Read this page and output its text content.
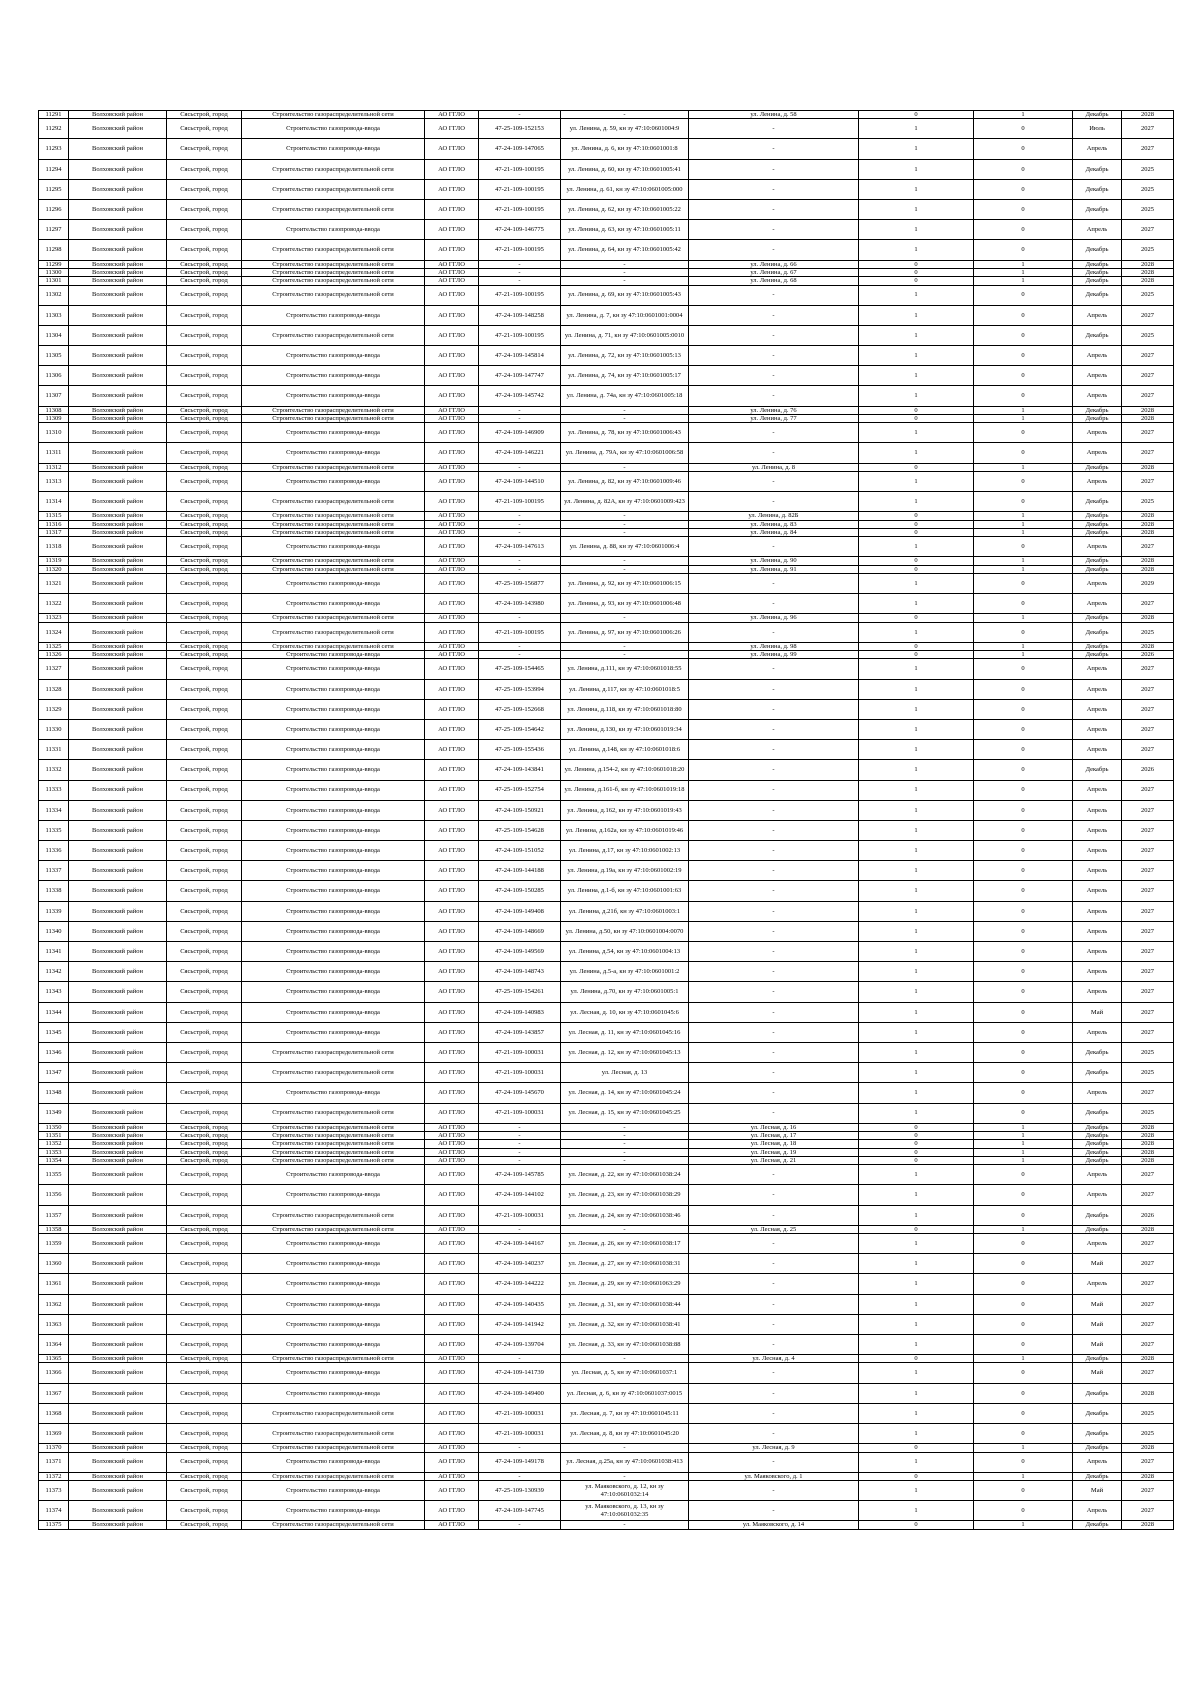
11291	Волховский район	Сясьстрой, город	Строительство газораспределительной сети	АО ГГЛО	-	-	ул. Ленина, д. 58	0	1	Декабрь	2028
11292	Волховский район	Сясьстрой, город	Строительство газопровода-ввода	АО ГГЛО	47-25-109-152153	ул. Ленина, д. 59, кн зу 47:10:0601004:9	-	1	0	Июль	2027
11293	Волховский район	Сясьстрой, город	Строительство газопровода-ввода	АО ГГЛО	47-24-109-147065	ул. Ленина, д. 6, кн зу 47:10:0601001:8	-	1	0	Апрель	2027
11294	Волховский район	Сясьстрой, город	Строительство газораспределительной сети	АО ГГЛО	47-21-109-100195	ул. Ленина, д. 60, кн зу 47:10:0601005:41	-	1	0	Декабрь	2025
11295	Волховский район	Сясьстрой, город	Строительство газораспределительной сети	АО ГГЛО	47-21-109-100195	ул. Ленина, д. 61, кн зу 47:10:0601005:000	-	1	0	Декабрь	2025
11296	Волховский район	Сясьстрой, город	Строительство газораспределительной сети	АО ГГЛО	47-21-109-100195	ул. Ленина, д. 62, кн зу 47:10:0601005:22	-	1	0	Декабрь	2025
11297	Волховский район	Сясьстрой, город	Строительство газопровода-ввода	АО ГГЛО	47-24-109-146775	ул. Ленина, д. 63, кн зу 47:10:0601005:11	-	1	0	Апрель	2027
11298	Волховский район	Сясьстрой, город	Строительство газораспределительной сети	АО ГГЛО	47-21-109-100195	ул. Ленина, д. 64, кн зу 47:10:0601005:42	-	1	0	Декабрь	2025
11299	Волховский район	Сясьстрой, город	Строительство газораспределительной сети	АО ГГЛО	-	-	ул. Ленина, д. 66	0	1	Декабрь	2028
11300	Волховский район	Сясьстрой, город	Строительство газораспределительной сети	АО ГГЛО	-	-	ул. Ленина, д. 67	0	1	Декабрь	2028
11301	Волховский район	Сясьстрой, город	Строительство газораспределительной сети	АО ГГЛО	-	-	ул. Ленина, д. 68	0	1	Декабрь	2028
11302	Волховский район	Сясьстрой, город	Строительство газораспределительной сети	АО ГГЛО	47-21-109-100195	ул. Ленина, д. 69, кн зу 47:10:0601005:43	-	1	0	Декабрь	2025
11303	Волховский район	Сясьстрой, город	Строительство газопровода-ввода	АО ГГЛО	47-24-109-148258	ул. Ленина, д. 7, кн зу 47:10:0601001:0004	-	1	0	Апрель	2027
11304	Волховский район	Сясьстрой, город	Строительство газораспределительной сети	АО ГГЛО	47-21-109-100195	ул. Ленина, д. 71, кн зу 47:10:0601005:0010	-	1	0	Декабрь	2025
11305	Волховский район	Сясьстрой, город	Строительство газопровода-ввода	АО ГГЛО	47-24-109-145814	ул. Ленина, д. 72, кн зу 47:10:0601005:13	-	1	0	Апрель	2027
11306	Волховский район	Сясьстрой, город	Строительство газопровода-ввода	АО ГГЛО	47-24-109-147747	ул. Ленина, д. 74, кн зу 47:10:0601005:17	-	1	0	Апрель	2027
11307	Волховский район	Сясьстрой, город	Строительство газопровода-ввода	АО ГГЛО	47-24-109-145742	ул. Ленина, д. 74а, кн зу 47:10:0601005:18	-	1	0	Апрель	2027
11308	Волховский район	Сясьстрой, город	Строительство газораспределительной сети	АО ГГЛО	-	-	ул. Ленина, д. 76	0	1	Декабрь	2028
11309	Волховский район	Сясьстрой, город	Строительство газораспределительной сети	АО ГГЛО	-	-	ул. Ленина, д. 77	0	1	Декабрь	2028
11310	Волховский район	Сясьстрой, город	Строительство газопровода-ввода	АО ГГЛО	47-24-109-146909	ул. Ленина, д. 78, кн зу 47:10:0601006:43	-	1	0	Апрель	2027
11311	Волховский район	Сясьстрой, город	Строительство газопровода-ввода	АО ГГЛО	47-24-109-146221	ул. Ленина, д. 79А, кн зу 47:10:0601006:58	-	1	0	Апрель	2027
11312	Волховский район	Сясьстрой, город	Строительство газораспределительной сети	АО ГГЛО	-	-	ул. Ленина, д. 8	0	1	Декабрь	2028
11313	Волховский район	Сясьстрой, город	Строительство газопровода-ввода	АО ГГЛО	47-24-109-144510	ул. Ленина, д. 82, кн зу 47:10:0601009:46	-	1	0	Апрель	2027
11314	Волховский район	Сясьстрой, город	Строительство газораспределительной сети	АО ГГЛО	47-21-109-100195	ул. Ленина, д. 82А, кн зу 47:10:0601009:423	-	1	0	Декабрь	2025
11315	Волховский район	Сясьстрой, город	Строительство газораспределительной сети	АО ГГЛО	-	-	ул. Ленина, д. 82Б	0	1	Декабрь	2028
11316	Волховский район	Сясьстрой, город	Строительство газораспределительной сети	АО ГГЛО	-	-	ул. Ленина, д. 83	0	1	Декабрь	2028
11317	Волховский район	Сясьстрой, город	Строительство газораспределительной сети	АО ГГЛО	-	-	ул. Ленина, д. 84	0	1	Декабрь	2028
11318	Волховский район	Сясьстрой, город	Строительство газопровода-ввода	АО ГГЛО	47-24-109-147613	ул. Ленина, д. 88, кн зу 47:10:0601006:4	-	1	0	Апрель	2027
11319	Волховский район	Сясьстрой, город	Строительство газораспределительной сети	АО ГГЛО	-	-	ул. Ленина, д. 90	0	1	Декабрь	2028
11320	Волховский район	Сясьстрой, город	Строительство газораспределительной сети	АО ГГЛО	-	-	ул. Ленина, д. 91	0	1	Декабрь	2028
11321	Волховский район	Сясьстрой, город	Строительство газопровода-ввода	АО ГГЛО	47-25-109-156877	ул. Ленина, д. 92, кн зу 47:10:0601006:15	-	1	0	Апрель	2029
11322	Волховский район	Сясьстрой, город	Строительство газопровода-ввода	АО ГГЛО	47-24-109-143980	ул. Ленина, д. 93, кн зу 47:10:0601006:48	-	1	0	Апрель	2027
11323	Волховский район	Сясьстрой, город	Строительство газораспределительной сети	АО ГГЛО	-	-	ул. Ленина, д. 96	0	1	Декабрь	2028
11324	Волховский район	Сясьстрой, город	Строительство газораспределительной сети	АО ГГЛО	47-21-109-100195	ул. Ленина, д. 97, кн зу 47:10:0601006:26	-	1	0	Декабрь	2025
11325	Волховский район	Сясьстрой, город	Строительство газораспределительной сети	АО ГГЛО	-	-	ул. Ленина, д. 98	0	1	Декабрь	2028
11326	Волховский район	Сясьстрой, город	Строительство газопровода-ввода	АО ГГЛО	-	-	ул. Ленина, д. 99	0	1	Декабрь	2026
11327	Волховский район	Сясьстрой, город	Строительство газопровода-ввода	АО ГГЛО	47-25-109-154465	ул. Ленина, д.111, кн зу 47:10:0601018:55	-	1	0	Апрель	2027
11328	Волховский район	Сясьстрой, город	Строительство газопровода-ввода	АО ГГЛО	47-25-109-153994	ул. Ленина, д.117, кн зу 47:10:0601018:5	-	1	0	Апрель	2027
11329	Волховский район	Сясьстрой, город	Строительство газопровода-ввода	АО ГГЛО	47-25-109-152668	ул. Ленина, д.118, кн зу 47:10:0601018:80	-	1	0	Апрель	2027
11330	Волховский район	Сясьстрой, город	Строительство газопровода-ввода	АО ГГЛО	47-25-109-154642	ул. Ленина, д.130, кн зу 47:10:0601019:34	-	1	0	Апрель	2027
11331	Волховский район	Сясьстрой, город	Строительство газопровода-ввода	АО ГГЛО	47-25-109-155436	ул. Ленина, д.148, кн зу 47:10:0601018:6	-	1	0	Апрель	2027
11332	Волховский район	Сясьстрой, город	Строительство газопровода-ввода	АО ГГЛО	47-24-109-143841	ул. Ленина, д.154-2, кн зу 47:10:0601018:20	-	1	0	Декабрь	2026
11333	Волховский район	Сясьстрой, город	Строительство газопровода-ввода	АО ГГЛО	47-25-109-152754	ул. Ленина, д.161-б, кн зу 47:10:0601019:18	-	1	0	Апрель	2027
11334	Волховский район	Сясьстрой, город	Строительство газопровода-ввода	АО ГГЛО	47-24-109-150921	ул. Ленина, д.162, кн зу 47:10:0601019:43	-	1	0	Апрель	2027
11335	Волховский район	Сясьстрой, город	Строительство газопровода-ввода	АО ГГЛО	47-25-109-154628	ул. Ленина, д.162а, кн зу 47:10:0601019:46	-	1	0	Апрель	2027
11336	Волховский район	Сясьстрой, город	Строительство газопровода-ввода	АО ГГЛО	47-24-109-151052	ул. Ленина, д.17, кн зу 47:10:0601002:13	-	1	0	Апрель	2027
11337	Волховский район	Сясьстрой, город	Строительство газопровода-ввода	АО ГГЛО	47-24-109-144188	ул. Ленина, д.19а, кн зу 47:10:0601002:19	-	1	0	Апрель	2027
11338	Волховский район	Сясьстрой, город	Строительство газопровода-ввода	АО ГГЛО	47-24-109-150285	ул. Ленина, д.1-б, кн зу 47:10:0601001:63	-	1	0	Апрель	2027
11339	Волховский район	Сясьстрой, город	Строительство газопровода-ввода	АО ГГЛО	47-24-109-149408	ул. Ленина, д.21б, кн зу 47:10:0601003:1	-	1	0	Апрель	2027
11340	Волховский район	Сясьстрой, город	Строительство газопровода-ввода	АО ГГЛО	47-24-109-148669	ул. Ленина, д.50, кн зу 47:10:0601004:0070	-	1	0	Апрель	2027
11341	Волховский район	Сясьстрой, город	Строительство газопровода-ввода	АО ГГЛО	47-24-109-149569	ул. Ленина, д.54, кн зу 47:10:0601004:13	-	1	0	Апрель	2027
11342	Волховский район	Сясьстрой, город	Строительство газопровода-ввода	АО ГГЛО	47-24-109-148743	ул. Ленина, д.5-а, кн зу 47:10:0601001:2	-	1	0	Апрель	2027
11343	Волховский район	Сясьстрой, город	Строительство газопровода-ввода	АО ГГЛО	47-25-109-154261	ул. Ленина, д.70, кн зу 47:10:0601005:1	-	1	0	Апрель	2027
11344	Волховский район	Сясьстрой, город	Строительство газопровода-ввода	АО ГГЛО	47-24-109-140983	ул. Лесная, д. 10, кн зу 47:10:0601045:6	-	1	0	Май	2027
11345	Волховский район	Сясьстрой, город	Строительство газопровода-ввода	АО ГГЛО	47-24-109-143857	ул. Лесная, д. 11, кн зу 47:10:0601045:16	-	1	0	Апрель	2027
11346	Волховский район	Сясьстрой, город	Строительство газораспределительной сети	АО ГГЛО	47-21-109-100031	ул. Лесная, д. 12, кн зу 47:10:0601045:13	-	1	0	Декабрь	2025
11347	Волховский район	Сясьстрой, город	Строительство газораспределительной сети	АО ГГЛО	47-21-109-100031	ул. Лесная, д. 13	-	1	0	Декабрь	2025
11348	Волховский район	Сясьстрой, город	Строительство газопровода-ввода	АО ГГЛО	47-24-109-145670	ул. Лесная, д. 14, кн зу 47:10:0601045:24	-	1	0	Апрель	2027
11349	Волховский район	Сясьстрой, город	Строительство газораспределительной сети	АО ГГЛО	47-21-109-100031	ул. Лесная, д. 15, кн зу 47:10:0601045:25	-	1	0	Декабрь	2025
11350	Волховский район	Сясьстрой, город	Строительство газораспределительной сети	АО ГГЛО	-	-	ул. Лесная, д. 16	0	1	Декабрь	2028
11351	Волховский район	Сясьстрой, город	Строительство газораспределительной сети	АО ГГЛО	-	-	ул. Лесная, д. 17	0	1	Декабрь	2028
11352	Волховский район	Сясьстрой, город	Строительство газораспределительной сети	АО ГГЛО	-	-	ул. Лесная, д. 18	0	1	Декабрь	2028
11353	Волховский район	Сясьстрой, город	Строительство газораспределительной сети	АО ГГЛО	-	-	ул. Лесная, д. 19	0	1	Декабрь	2028
11354	Волховский район	Сясьстрой, город	Строительство газораспределительной сети	АО ГГЛО	-	-	ул. Лесная, д. 21	0	1	Декабрь	2028
11355	Волховский район	Сясьстрой, город	Строительство газопровода-ввода	АО ГГЛО	47-24-109-145785	ул. Лесная, д. 22, кн зу 47:10:0601038:24	-	1	0	Апрель	2027
11356	Волховский район	Сясьстрой, город	Строительство газопровода-ввода	АО ГГЛО	47-24-109-144102	ул. Лесная, д. 23, кн зу 47:10:0601038:29	-	1	0	Апрель	2027
11357	Волховский район	Сясьстрой, город	Строительство газораспределительной сети	АО ГГЛО	47-21-109-100031	ул. Лесная, д. 24, кн зу 47:10:0601038:46	-	1	0	Декабрь	2026
11358	Волховский район	Сясьстрой, город	Строительство газораспределительной сети	АО ГГЛО	-	-	ул. Лесная, д. 25	0	1	Декабрь	2028
11359	Волховский район	Сясьстрой, город	Строительство газопровода-ввода	АО ГГЛО	47-24-109-144167	ул. Лесная, д. 26, кн зу 47:10:0601038:17	-	1	0	Апрель	2027
11360	Волховский район	Сясьстрой, город	Строительство газопровода-ввода	АО ГГЛО	47-24-109-140237	ул. Лесная, д. 27, кн зу 47:10:0601038:31	-	1	0	Май	2027
11361	Волховский район	Сясьстрой, город	Строительство газопровода-ввода	АО ГГЛО	47-24-109-144222	ул. Лесная, д. 29, кн зу 47:10:0601063:29	-	1	0	Апрель	2027
11362	Волховский район	Сясьстрой, город	Строительство газопровода-ввода	АО ГГЛО	47-24-109-140435	ул. Лесная, д. 31, кн зу 47:10:0601038:44	-	1	0	Май	2027
11363	Волховский район	Сясьстрой, город	Строительство газопровода-ввода	АО ГГЛО	47-24-109-141942	ул. Лесная, д. 32, кн зу 47:10:0601038:41	-	1	0	Май	2027
11364	Волховский район	Сясьстрой, город	Строительство газопровода-ввода	АО ГГЛО	47-24-109-139704	ул. Лесная, д. 33, кн зу 47:10:0601038:88	-	1	0	Май	2027
11365	Волховский район	Сясьстрой, город	Строительство газораспределительной сети	АО ГГЛО	-	-	ул. Лесная, д. 4	0	1	Декабрь	2028
11366	Волховский район	Сясьстрой, город	Строительство газопровода-ввода	АО ГГЛО	47-24-109-141739	ул. Лесная, д. 5, кн зу 47:10:0601037:1	-	1	0	Май	2027
11367	Волховский район	Сясьстрой, город	Строительство газопровода-ввода	АО ГГЛО	47-24-109-149400	ул. Лесная, д. 6, кн зу 47:10:0601037:0015	-	1	0	Декабрь	2028
11368	Волховский район	Сясьстрой, город	Строительство газораспределительной сети	АО ГГЛО	47-21-109-100031	ул. Лесная, д. 7, кн зу 47:10:0601045:11	-	1	0	Декабрь	2025
11369	Волховский район	Сясьстрой, город	Строительство газораспределительной сети	АО ГГЛО	47-21-109-100031	ул. Лесная, д. 8, кн зу 47:10:0601045:20	-	1	0	Декабрь	2025
11370	Волховский район	Сясьстрой, город	Строительство газораспределительной сети	АО ГГЛО	-	-	ул. Лесная, д. 9	0	1	Декабрь	2028
11371	Волховский район	Сясьстрой, город	Строительство газопровода-ввода	АО ГГЛО	47-24-109-149178	ул. Лесная, д.25а, кн зу 47:10:0601038:413	-	1	0	Апрель	2027
11372	Волховский район	Сясьстрой, город	Строительство газораспределительной сети	АО ГГЛО	-	-	ул. Маяковского, д. 1	0	1	Декабрь	2028
11373	Волховский район	Сясьстрой, город	Строительство газопровода-ввода	АО ГГЛО	47-25-109-130939	ул. Маяковского, д. 12, кн зу 47:10:0601032:14	-	1	0	Май	2027
11374	Волховский район	Сясьстрой, город	Строительство газопровода-ввода	АО ГГЛО	47-24-109-147745	ул. Маяковского, д. 13, кн зу 47:10:0601032:35	-	1	0	Апрель	2027
11375	Волховский район	Сясьстрой, город	Строительство газораспределительной сети	АО ГГЛО	-	-	ул. Маяковского, д. 14	0	1	Декабрь	2028
